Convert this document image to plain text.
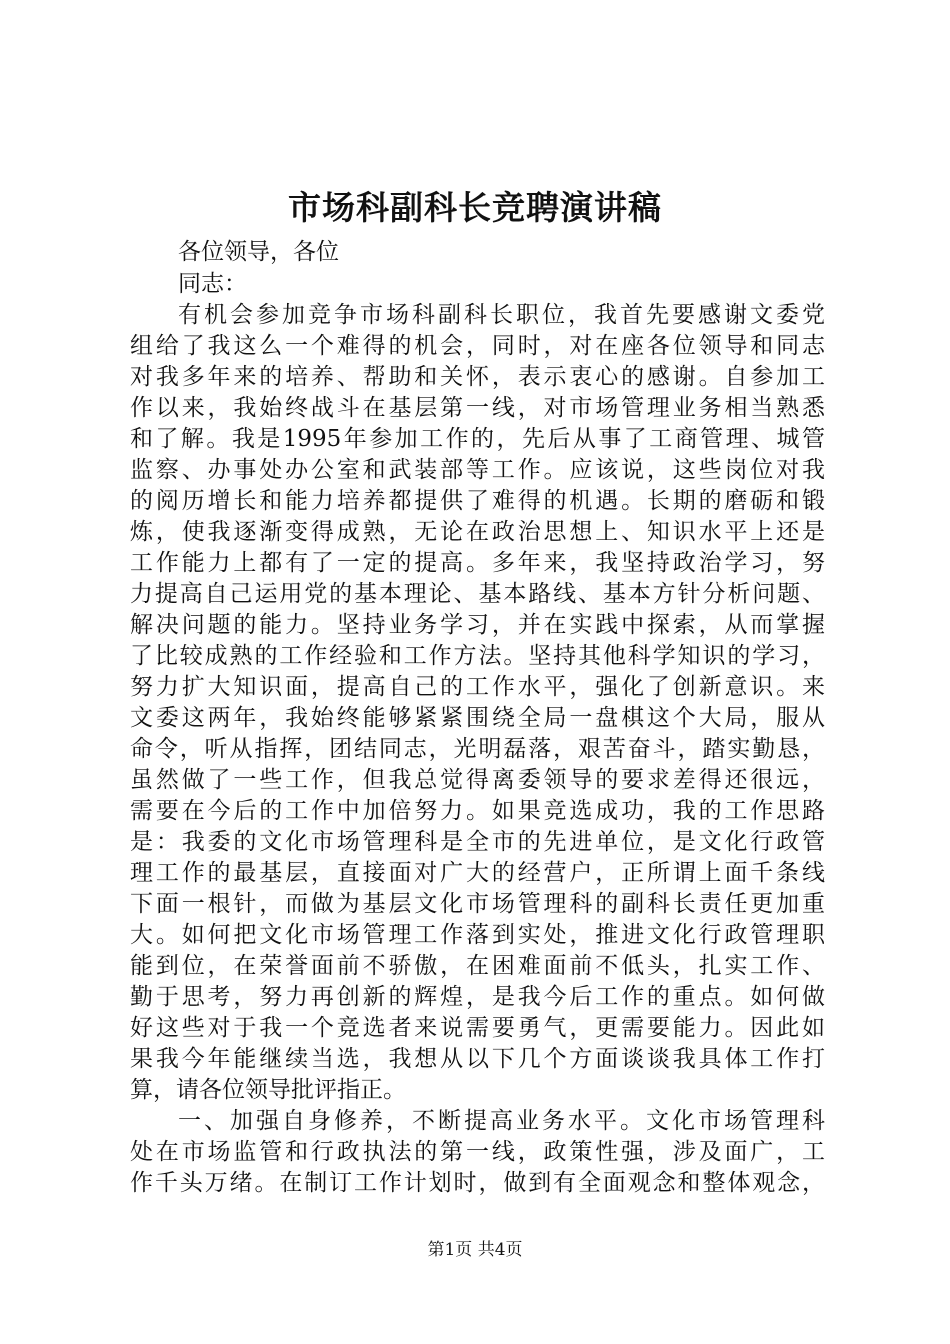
市场科副科长竞聘演讲稿
各位领导，各位
同志：
有机会参加竞争市场科副科长职位，我首先要感谢文委党
组给了我这么一个难得的机会，同时，对在座各位领导和同志
对我多年来的培养、帮助和关怀，表示衷心的感谢。自参加工
作以来，我始终战斗在基层第一线，对市场管理业务相当熟悉
和了解。我是1995年参加工作的，先后从事了工商管理、城管
监察、办事处办公室和武装部等工作。应该说，这些岗位对我
的阅历增长和能力培养都提供了难得的机遇。长期的磨砺和锻
炼，使我逐渐变得成熟，无论在政治思想上、知识水平上还是
工作能力上都有了一定的提高。多年来，我坚持政治学习，努
力提高自己运用党的基本理论、基本路线、基本方针分析问题、
解决问题的能力。坚持业务学习，并在实践中探索，从而掌握
了比较成熟的工作经验和工作方法。坚持其他科学知识的学习，
努力扩大知识面，提高自己的工作水平，强化了创新意识。来
文委这两年，我始终能够紧紧围绕全局一盘棋这个大局，服从
命令，听从指挥，团结同志，光明磊落，艰苦奋斗，踏实勤恳，
虽然做了一些工作，但我总觉得离委领导的要求差得还很远，
需要在今后的工作中加倍努力。如果竞选成功，我的工作思路
是：我委的文化市场管理科是全市的先进单位，是文化行政管
理工作的最基层，直接面对广大的经营户，正所谓上面千条线
下面一根针，而做为基层文化市场管理科的副科长责任更加重
大。如何把文化市场管理工作落到实处，推进文化行政管理职
能到位，在荣誉面前不骄傲，在困难面前不低头，扎实工作、
勤于思考，努力再创新的辉煌，是我今后工作的重点。如何做
好这些对于我一个竞选者来说需要勇气，更需要能力。因此如
果我今年能继续当选，我想从以下几个方面谈谈我具体工作打
算，请各位领导批评指正。
一、加强自身修养，不断提高业务水平。文化市场管理科
处在市场监管和行政执法的第一线，政策性强，涉及面广，工
作千头万绪。在制订工作计划时，做到有全面观念和整体观念，
第1页 共4页
